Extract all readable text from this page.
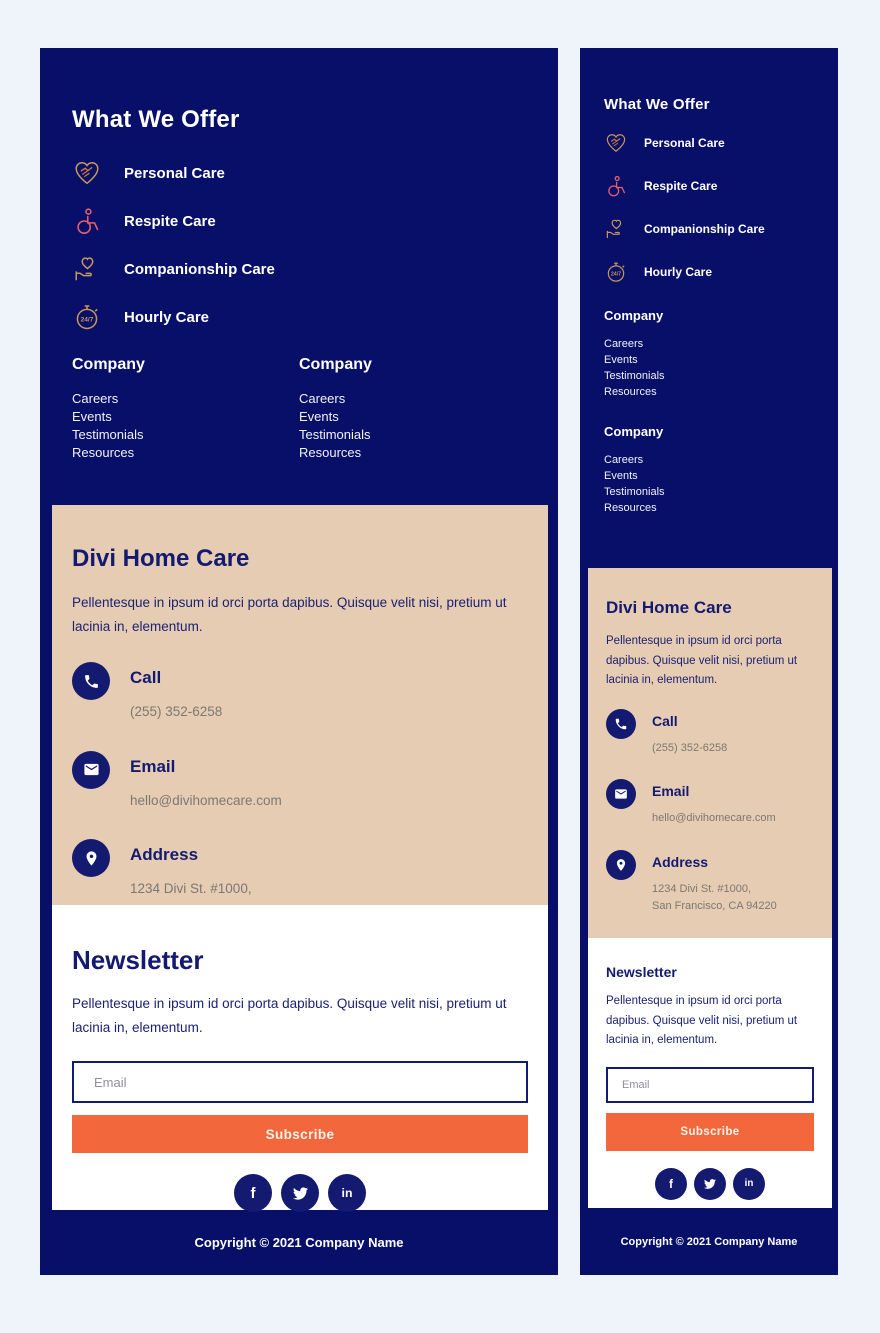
What We Offer
Personal Care
Respite Care
Companionship Care
24/7 Hourly Care
Company
Careers
Events
Testimonials
Resources
Company
Careers
Events
Testimonials
Resources
Divi Home Care
Pellentesque in ipsum id orci porta dapibus. Quisque velit nisi, pretium ut lacinia in, elementum.
Call
(255) 352-6258
Email
hello@divihomecare.com
Address
1234 Divi St. #1000,
Newsletter
Pellentesque in ipsum id orci porta dapibus. Quisque velit nisi, pretium ut lacinia in, elementum.
Email Subscribe
f	in
Copyright © 2021 Company Name
What We Offer
Personal Care
Respite Care
Companionship Care
24/7 Hourly Care
Company
Careers
Events
Testimonials
Resources
Company
Careers
Events
Testimonials
Resources
Divi Home Care
Pellentesque in ipsum id orci porta dapibus. Quisque velit nisi, pretium ut lacinia in, elementum.
Call
(255) 352-6258
Email
hello@divihomecare.com
Address
1234 Divi St. #1000,
San Francisco, CA 94220
Newsletter
Pellentesque in ipsum id orci porta dapibus. Quisque velit nisi, pretium ut lacinia in, elementum.
Email Subscribe
f	in
Copyright © 2021 Company Name
